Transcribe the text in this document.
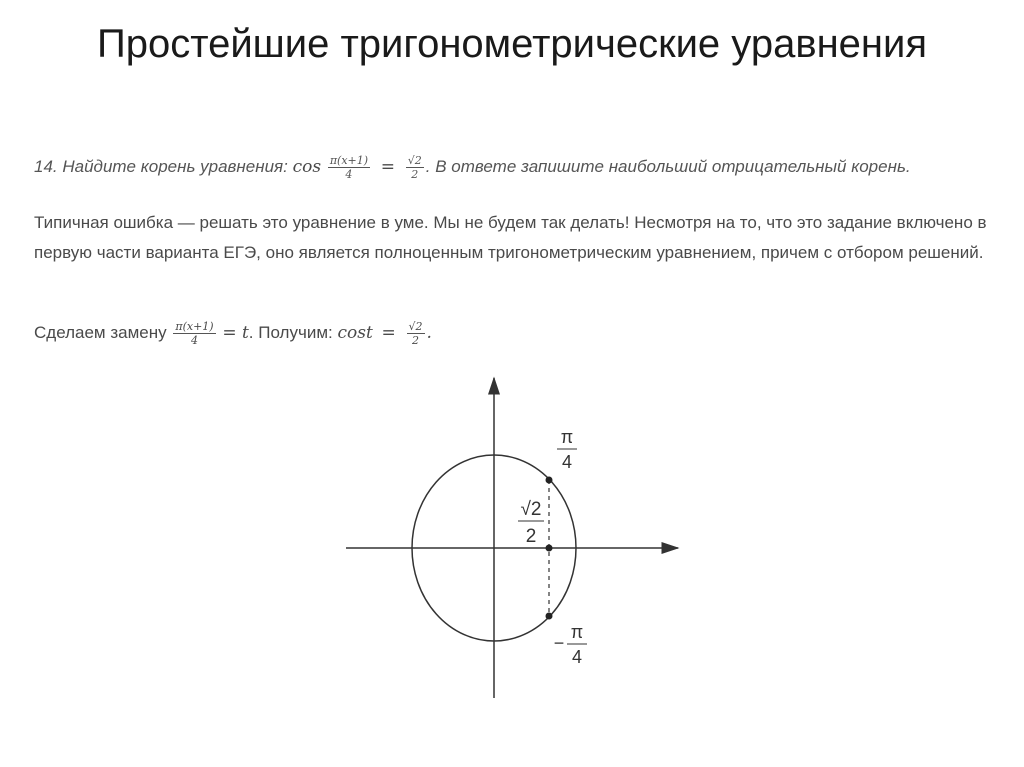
Простейшие тригонометрические уравнения
14. Найдите корень уравнения: $\cos \frac{\pi(x+1)}{4} = \frac{√2}{2}$ . В ответе запишите наибольший отрицательный корень.
Типичная ошибка — решать это уравнение в уме. Мы не будем так делать! Несмотря на то, что это задание включено в первую части варианта ЕГЭ, оно является полноценным тригонометрическим уравнением, причем с отбором решений.
Сделаем замену $\frac{\pi(x+1)}{4} = t$. Получим: $\cos t = \frac{√2}{2}$ .
π
4
√2
2
−
π
4
